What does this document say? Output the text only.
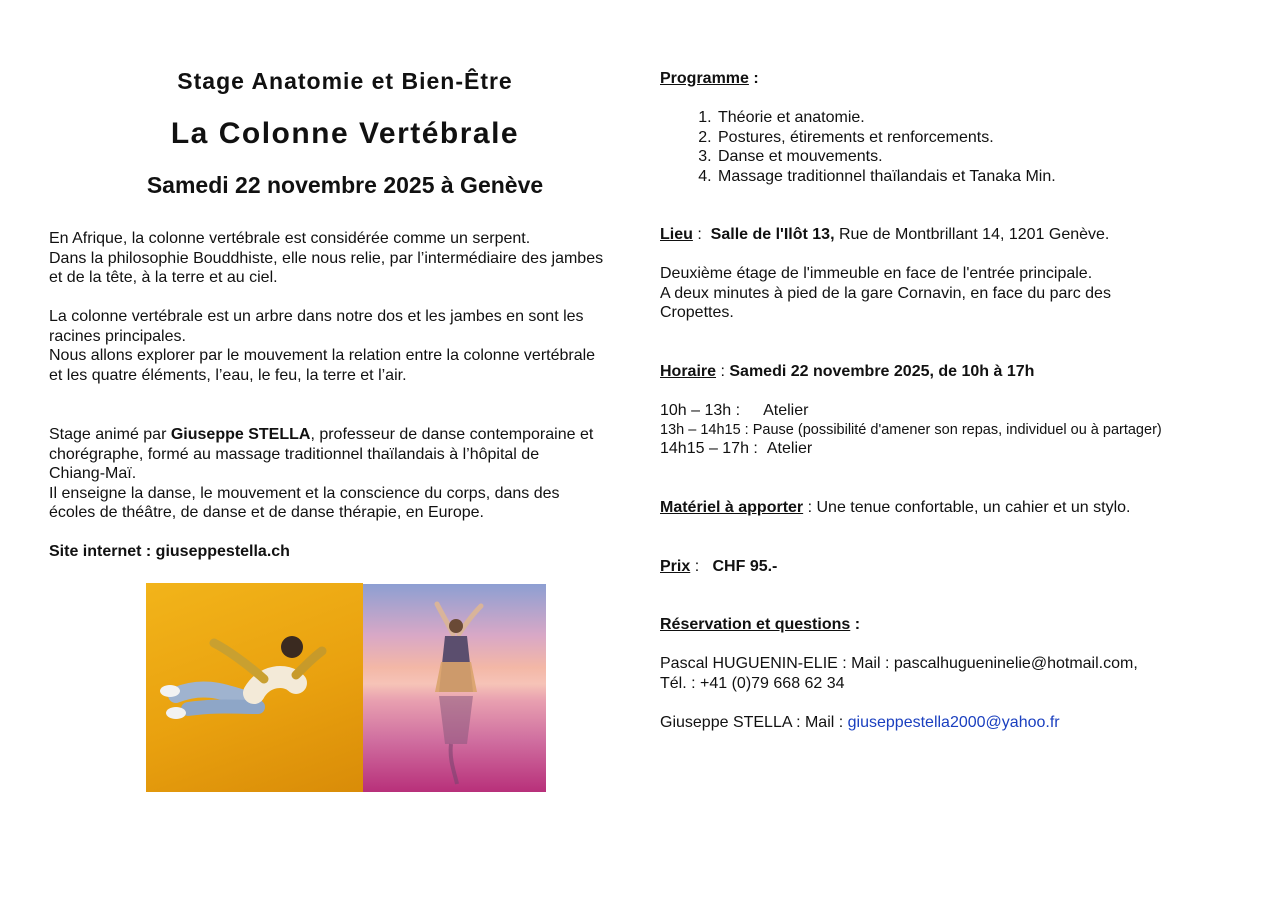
Stage Anatomie et Bien-Être
La Colonne Vertébrale
Samedi 22 novembre 2025 à Genève

En Afrique, la colonne vertébrale est considérée comme un serpent.

Dans la philosophie Bouddhiste, elle nous relie, par l’intermédiaire des jambes

et de la tête, à la terre et au ciel.

La colonne vertébrale est un arbre dans notre dos et les jambes en sont les

racines principales.

Nous allons explorer par le mouvement la relation entre la colonne vertébrale

et les quatre éléments, l’eau, le feu, la terre et l’air.

Stage animé par Giuseppe STELLA, professeur de danse contemporaine et

chorégraphe, formé au massage traditionnel thaïlandais à l’hôpital de

Chiang-Maï.

Il enseigne la danse, le mouvement et la conscience du corps, dans des

écoles de théâtre, de danse et de danse thérapie, en Europe.

Site internet : giuseppestella.ch
Programme :
1. Théorie et anatomie.
2. Postures, étirements et renforcements.
3. Danse et mouvements.
4. Massage traditionnel thaïlandais et Tanaka Min.
Lieu :  Salle de l'Ilôt 13, Rue de Montbrillant 14, 1201 Genève.

Deuxième étage de l'immeuble en face de l'entrée principale.

A deux minutes à pied de la gare Cornavin, en face du parc des

Cropettes.

Horaire : Samedi 22 novembre 2025, de 10h à 17h

10h – 13h : Atelier

13h – 14h15 : Pause (possibilité d'amener son repas, individuel ou à partager)

14h15 – 17h : Atelier

Matériel à apporter : Une tenue confortable, un cahier et un stylo.
Prix :   CHF 95.-
Réservation et questions :

Pascal HUGUENIN-ELIE : Mail : pascalhugueninelie@hotmail.com,

Tél. : +41 (0)79 668 62 34

Giuseppe STELLA : Mail : giuseppestella2000@yahoo.fr
